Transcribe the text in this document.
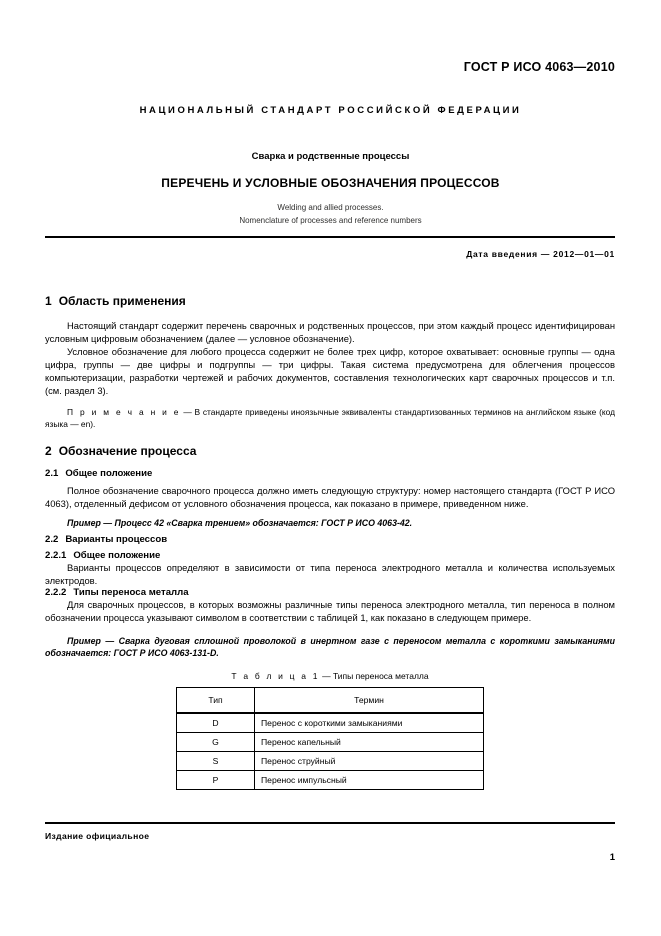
ГОСТ Р ИСО 4063—2010
НАЦИОНАЛЬНЫЙ СТАНДАРТ РОССИЙСКОЙ ФЕДЕРАЦИИ
Сварка и родственные процессы
ПЕРЕЧЕНЬ И УСЛОВНЫЕ ОБОЗНАЧЕНИЯ ПРОЦЕССОВ
Welding and allied processes.
Nomenclature of processes and reference numbers
Дата введения — 2012—01—01
1 Область применения

Настоящий стандарт содержит перечень сварочных и родственных процессов, при этом каждый процесс идентифицирован условным цифровым обозначением (далее — условное обозначение).

Условное обозначение для любого процесса содержит не более трех цифр, которое охватывает: основные группы — одна цифра, группы — две цифры и подгруппы — три цифры. Такая система предусмотрена для облегчения процессов компьютеризации, разработки чертежей и рабочих документов, составления технологических карт сварочных процессов и т.п. (см. раздел 3).

П р и м е ч а н и е — В стандарте приведены иноязычные эквиваленты стандартизованных терминов на английском языке (код языка — en).

2 Обозначение процесса
2.1 Общее положение

Полное обозначение сварочного процесса должно иметь следующую структуру: номер настоящего стандарта (ГОСТ Р ИСО 4063), отделенный дефисом от условного обозначения процесса, как показано в примере, приведенном ниже.

Пример — Процесс 42 «Сварка трением» обозначается: ГОСТ Р ИСО 4063-42.

2.2 Варианты процессов
2.2.1 Общее положение

Варианты процессов определяют в зависимости от типа переноса электродного металла и количества используемых электродов.

2.2.2 Типы переноса металла

Для сварочных процессов, в которых возможны различные типы переноса электродного металла, тип переноса в полном обозначении процесса указывают символом в соответствии с таблицей 1, как показано в следующем примере.

Пример — Сварка дуговая сплошной проволокой в инертном газе с переносом металла с короткими замыканиями обозначается: ГОСТ Р ИСО 4063-131-D.

Т а б л и ц а 1 — Типы переноса металла

Тип	Термин
D	Перенос с короткими замыканиями
G	Перенос капельный
S	Перенос струйный
P	Перенос импульсный
Издание официальное
1
